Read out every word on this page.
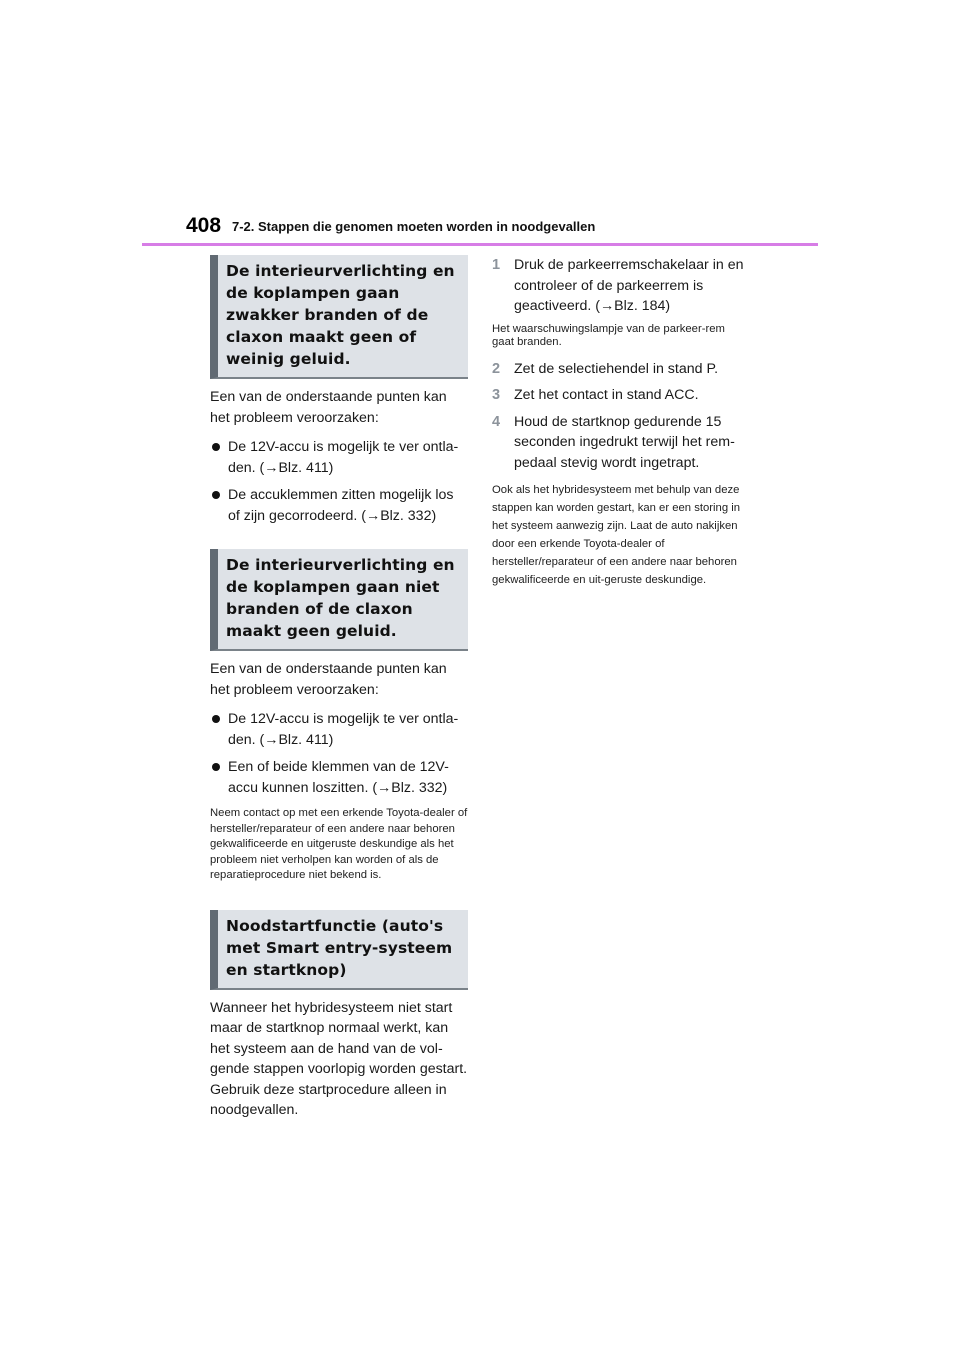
408 7-2. Stappen die genomen moeten worden in noodgevallen
De interieurverlichting en de koplampen gaan zwakker branden of de claxon maakt geen of weinig geluid.

Een van de onderstaande punten kan het probleem veroorzaken:

De 12V-accu is mogelijk te ver ontla-den. (→Blz. 411)
De accuklemmen zitten mogelijk los of zijn gecorrodeerd. (→Blz. 332)
De interieurverlichting en de koplampen gaan niet branden of de claxon maakt geen geluid.

Een van de onderstaande punten kan het probleem veroorzaken:

De 12V-accu is mogelijk te ver ontla-den. (→Blz. 411)
Een of beide klemmen van de 12V-accu kunnen loszitten. (→Blz. 332)

Neem contact op met een erkende Toyota-dealer of hersteller/reparateur of een andere naar behoren gekwalificeerde en uitgeruste deskundige als het probleem niet verholpen kan worden of als de reparatieprocedure niet bekend is.

Noodstartfunctie (auto's met Smart entry-systeem en startknop)

Wanneer het hybridesysteem niet start maar de startknop normaal werkt, kan het systeem aan de hand van de vol-gende stappen voorlopig worden gestart.

Gebruik deze startprocedure alleen in noodgevallen.

1 Druk de parkeerremschakelaar in en controleer of de parkeerrem is geactiveerd. (→Blz. 184)

Het waarschuwingslampje van de parkeer-rem gaat branden.

2 Zet de selectiehendel in stand P.
3 Zet het contact in stand ACC.
4 Houd de startknop gedurende 15 seconden ingedrukt terwijl het rem-pedaal stevig wordt ingetrapt.

Ook als het hybridesysteem met behulp van deze stappen kan worden gestart, kan er een storing in het systeem aanwezig zijn. Laat de auto nakijken door een erkende Toyota-dealer of hersteller/reparateur of een andere naar behoren gekwalificeerde en uit-geruste deskundige.
